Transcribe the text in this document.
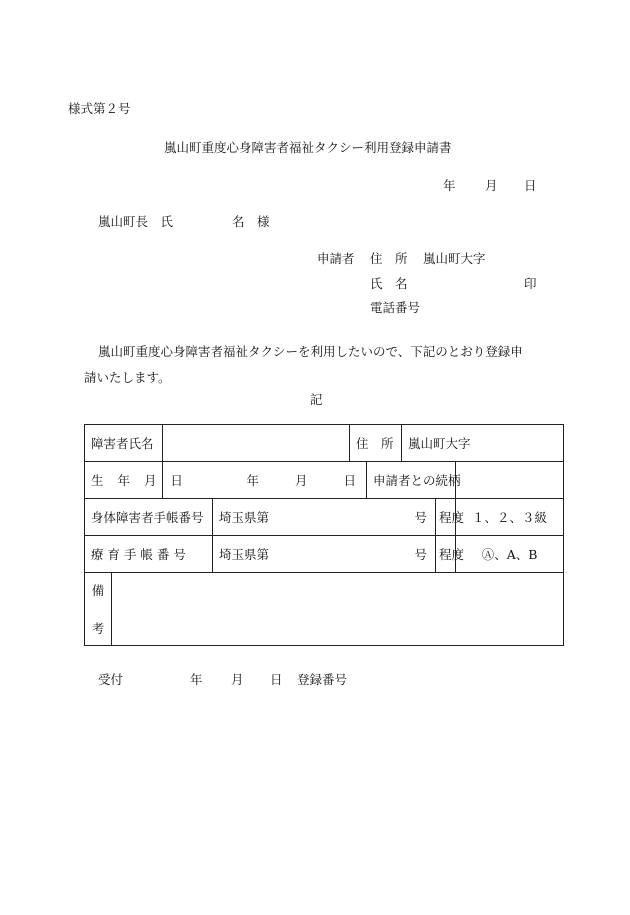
様式第２号
嵐山町重度心身障害者福祉タクシー利用登録申請書
年 月 日
嵐山町長　氏	名　様
申請者 住　所 嵐山町大字
氏　名	印
電話番号
嵐山町重度心身障害者福祉タクシーを利用したいので、下記のとおり登録申
請いたします。
記
障害者氏名				住　所		嵐山町大字		
生 年 月 日		年 月 日			申請者との続柄			
身体障害者手帳番号			埼玉県第 号				程度	１、２、３級
療 育 手 帳 番 号			埼玉県第 号				程度	Ⓐ、A、B

備
考								

受付	年 月 日 登録番号
